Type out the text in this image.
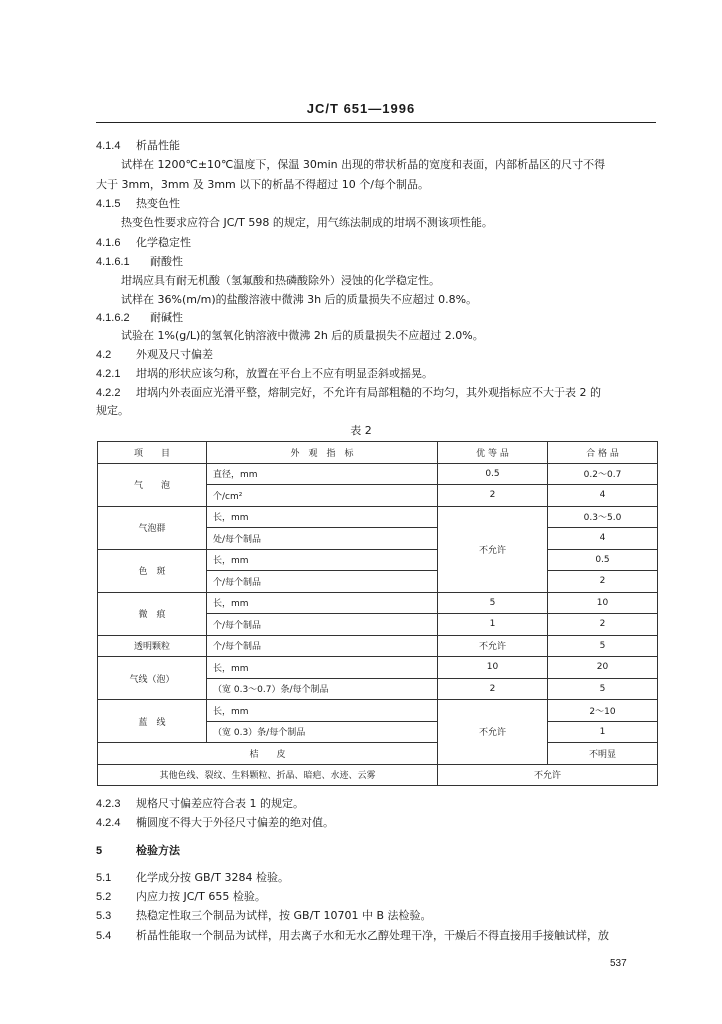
JC/T 651—1996
4.1.4 析晶性能
试样在 1200℃±10℃温度下，保温 30min 出现的带状析晶的宽度和表面，内部析晶区的尺寸不得
大于 3mm，3mm 及 3mm 以下的析晶不得超过 10 个/每个制品。
4.1.5 热变色性
热变色性要求应符合 JC/T 598 的规定，用气练法制成的坩埚不测该项性能。
4.1.6 化学稳定性
4.1.6.1 耐酸性
坩埚应具有耐无机酸（氢氟酸和热磷酸除外）浸蚀的化学稳定性。
试样在 36%(m/m)的盐酸溶液中微沸 3h 后的质量损失不应超过 0.8%。
4.1.6.2 耐碱性
试验在 1%(g/L)的氢氧化钠溶液中微沸 2h 后的质量损失不应超过 2.0%。
4.2 外观及尺寸偏差
4.2.1 坩埚的形状应该匀称，放置在平台上不应有明显歪斜或摇晃。
4.2.2 坩埚内外表面应光滑平整，熔制完好，不允许有局部粗糙的不均匀，其外观指标应不大于表 2 的
规定。
表 2
项　　目	外　观　指　标	优 等 品	合 格 品
气　　泡	直径，mm	0.5	0.2～0.7
	个/cm²	2	4
气泡群	长，mm	不允许	0.3～5.0
	处/每个制品		4
色　斑	长，mm		0.5
	个/每个制品		2
微　痕	长，mm	5	10
	个/每个制品	1	2
透明颗粒	个/每个制品	不允许	5
气线（泡）	长，mm	10	20
	（宽 0.3～0.7）条/每个制品	2	5
蓝　线	长，mm	不允许	2～10
	（宽 0.3）条/每个制品		1
桔　　皮			不明显
其他色线、裂纹、生料颗粒、折晶、暗疤、水迹、云雾		不允许	
4.2.3 规格尺寸偏差应符合表 1 的规定。
4.2.4 椭圆度不得大于外径尺寸偏差的绝对值。
5	检验方法
5.1 化学成分按 GB/T 3284 检验。
5.2 内应力按 JC/T 655 检验。
5.3 热稳定性取三个制品为试样，按 GB/T 10701 中 B 法检验。
5.4 析晶性能取一个制品为试样，用去离子水和无水乙醇处理干净，干燥后不得直接用手接触试样，放
537
